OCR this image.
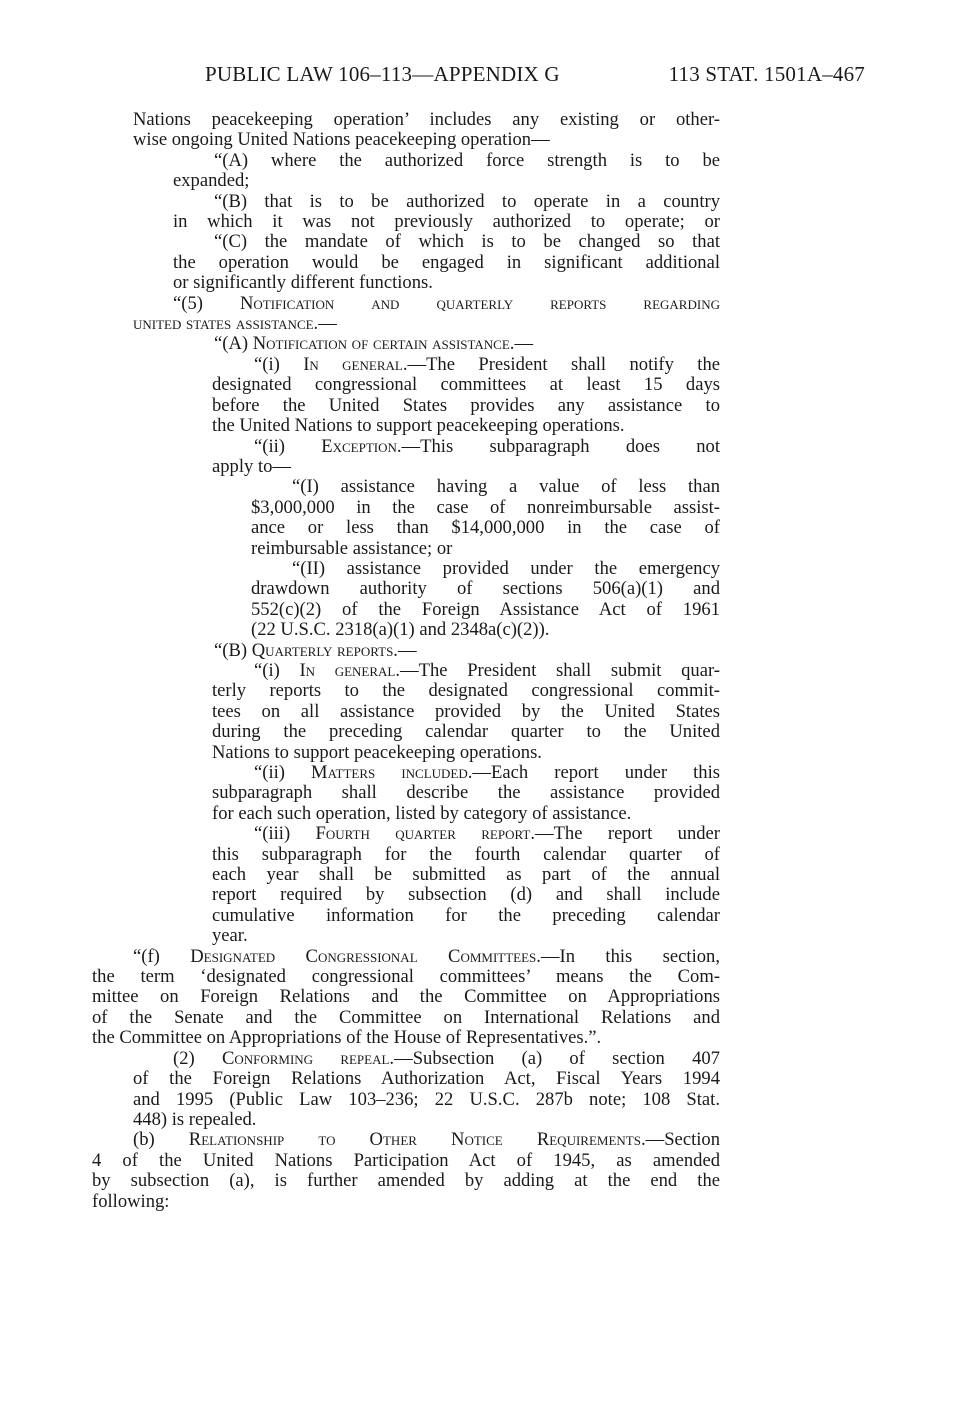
PUBLIC LAW 106–113—APPENDIX G	113 STAT. 1501A–467
Nations peacekeeping operation’ includes any existing or other-
wise ongoing United Nations peacekeeping operation—
“(A) where the authorized force strength is to be
expanded;
“(B) that is to be authorized to operate in a country
in which it was not previously authorized to operate; or
“(C) the mandate of which is to be changed so that
the operation would be engaged in significant additional
or significantly different functions.
“(5) Notification and quarterly reports regarding
united states assistance.—
“(A) Notification of certain assistance.—
“(i) In general.—The President shall notify the
designated congressional committees at least 15 days
before the United States provides any assistance to
the United Nations to support peacekeeping operations.
“(ii) Exception.—This subparagraph does not
apply to—
“(I) assistance having a value of less than
$3,000,000 in the case of nonreimbursable assist-
ance or less than $14,000,000 in the case of
reimbursable assistance; or
“(II) assistance provided under the emergency
drawdown authority of sections 506(a)(1) and
552(c)(2) of the Foreign Assistance Act of 1961
(22 U.S.C. 2318(a)(1) and 2348a(c)(2)).
“(B) Quarterly reports.—
“(i) In general.—The President shall submit quar-
terly reports to the designated congressional commit-
tees on all assistance provided by the United States
during the preceding calendar quarter to the United
Nations to support peacekeeping operations.
“(ii) Matters included.—Each report under this
subparagraph shall describe the assistance provided
for each such operation, listed by category of assistance.
“(iii) Fourth quarter report.—The report under
this subparagraph for the fourth calendar quarter of
each year shall be submitted as part of the annual
report required by subsection (d) and shall include
cumulative information for the preceding calendar
year.
“(f) Designated Congressional Committees.—In this section,
the term ‘designated congressional committees’ means the Com-
mittee on Foreign Relations and the Committee on Appropriations
of the Senate and the Committee on International Relations and
the Committee on Appropriations of the House of Representatives.”.
(2) Conforming repeal.—Subsection (a) of section 407
of the Foreign Relations Authorization Act, Fiscal Years 1994
and 1995 (Public Law 103–236; 22 U.S.C. 287b note; 108 Stat.
448) is repealed.
(b) Relationship to Other Notice Requirements.—Section
4 of the United Nations Participation Act of 1945, as amended
by subsection (a), is further amended by adding at the end the
following:
